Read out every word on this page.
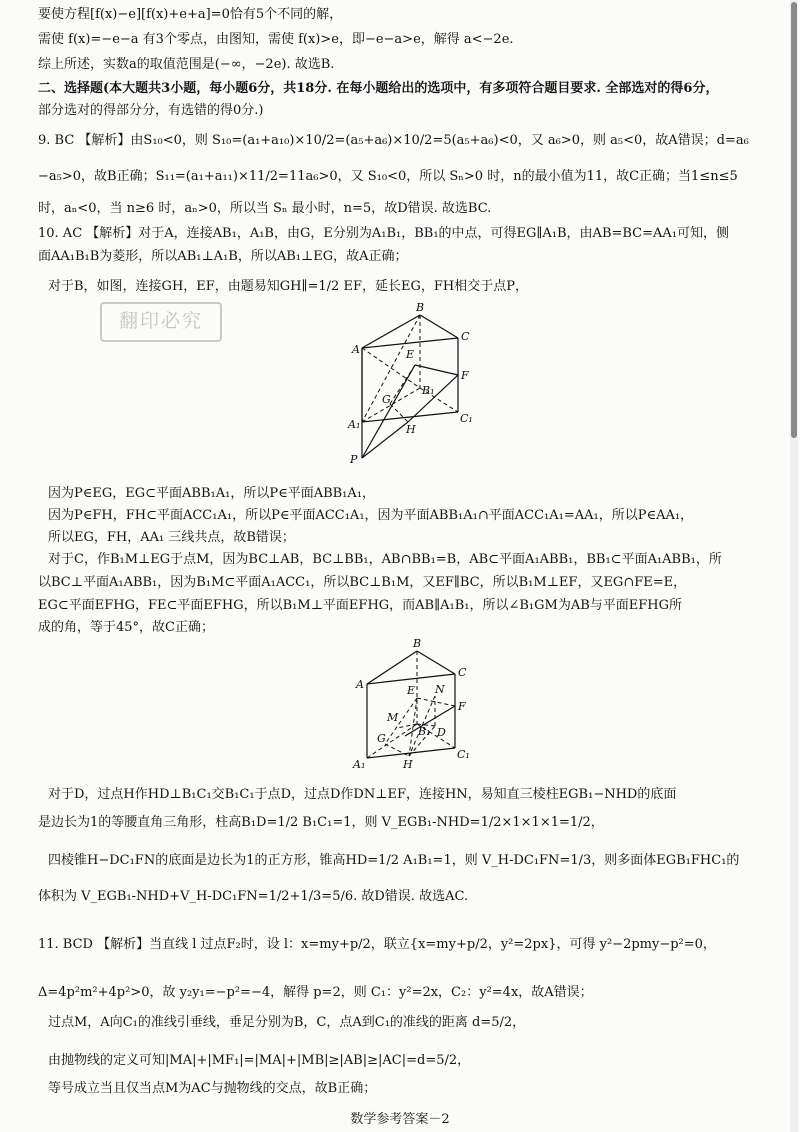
要使方程[f(x)−e][f(x)+e+a]=0恰有5个不同的解，
需使 f(x)=−e−a 有3个零点，由图知，需使 f(x)>e，即−e−a>e，解得 a<−2e.
综上所述，实数a的取值范围是(−∞，−2e). 故选B.
二、选择题(本大题共3小题，每小题6分，共18分. 在每小题给出的选项中，有多项符合题目要求. 全部选对的得6分，
部分选对的得部分分，有选错的得0分.)
9. BC 【解析】由S₁₀<0，则 S₁₀=(a₁+a₁₀)×10/2=(a₅+a₆)×10/2=5(a₅+a₆)<0，又 a₆>0，则 a₅<0，故A错误；d=a₆
−a₅>0，故B正确；S₁₁=(a₁+a₁₁)×11/2=11a₆>0，又 S₁₀<0，所以 Sₙ>0 时，n的最小值为11，故C正确；当1≤n≤5
时，aₙ<0，当 n≥6 时，aₙ>0，所以当 Sₙ 最小时，n=5，故D错误. 故选BC.
10. AC 【解析】对于A，连接AB₁，A₁B，由G，E分别为A₁B₁，BB₁的中点，可得EG∥A₁B，由AB=BC=AA₁可知，侧
面AA₁B₁B为菱形，所以AB₁⊥A₁B，所以AB₁⊥EG，故A正确；
对于B，如图，连接GH，EF，由题易知GH∥=1/2 EF，延长EG，FH相交于点P，
翻印必究
A
B
C
E
F
B₁
G
A₁	H
C₁
P
因为P∈EG，EG⊂平面ABB₁A₁，所以P∈平面ABB₁A₁，
因为P∈FH，FH⊂平面ACC₁A₁，所以P∈平面ACC₁A₁，因为平面ABB₁A₁∩平面ACC₁A₁=AA₁，所以P∈AA₁，
所以EG，FH，AA₁ 三线共点，故B错误；
对于C，作B₁M⊥EG于点M，因为BC⊥AB，BC⊥BB₁，AB∩BB₁=B，AB⊂平面A₁ABB₁，BB₁⊂平面A₁ABB₁，所
以BC⊥平面A₁ABB₁，因为B₁M⊂平面A₁ACC₁，所以BC⊥B₁M，又EF∥BC，所以B₁M⊥EF，又EG∩FE=E，
EG⊂平面EFHG，FE⊂平面EFHG，所以B₁M⊥平面EFHG，而AB∥A₁B₁，所以∠B₁GM为AB与平面EFHG所
成的角，等于45°，故C正确；
A
B
C
E N
F
M
G
B₁ D
A₁	H
C₁
对于D，过点H作HD⊥B₁C₁交B₁C₁于点D，过点D作DN⊥EF，连接HN，易知直三棱柱EGB₁−NHD的底面
是边长为1的等腰直角三角形，柱高B₁D=1/2 B₁C₁=1，则 V_EGB₁-NHD=1/2×1×1×1=1/2，
四棱锥H−DC₁FN的底面是边长为1的正方形，锥高HD=1/2 A₁B₁=1，则 V_H-DC₁FN=1/3，则多面体EGB₁FHC₁的
体积为 V_EGB₁-NHD+V_H-DC₁FN=1/2+1/3=5/6. 故D错误. 故选AC.
11. BCD 【解析】当直线 l 过点F₂时，设 l：x=my+p/2，联立{x=my+p/2，y²=2px}，可得 y²−2pmy−p²=0，
Δ=4p²m²+4p²>0，故 y₂y₁=−p²=−4，解得 p=2，则 C₁：y²=2x，C₂：y²=4x，故A错误；
过点M，A向C₁的准线引垂线，垂足分别为B，C，点A到C₁的准线的距离 d=5/2，
由抛物线的定义可知|MA|+|MF₁|=|MA|+|MB|≥|AB|≥|AC|=d=5/2，
等号成立当且仅当点M为AC与抛物线的交点，故B正确；
数学参考答案－2
